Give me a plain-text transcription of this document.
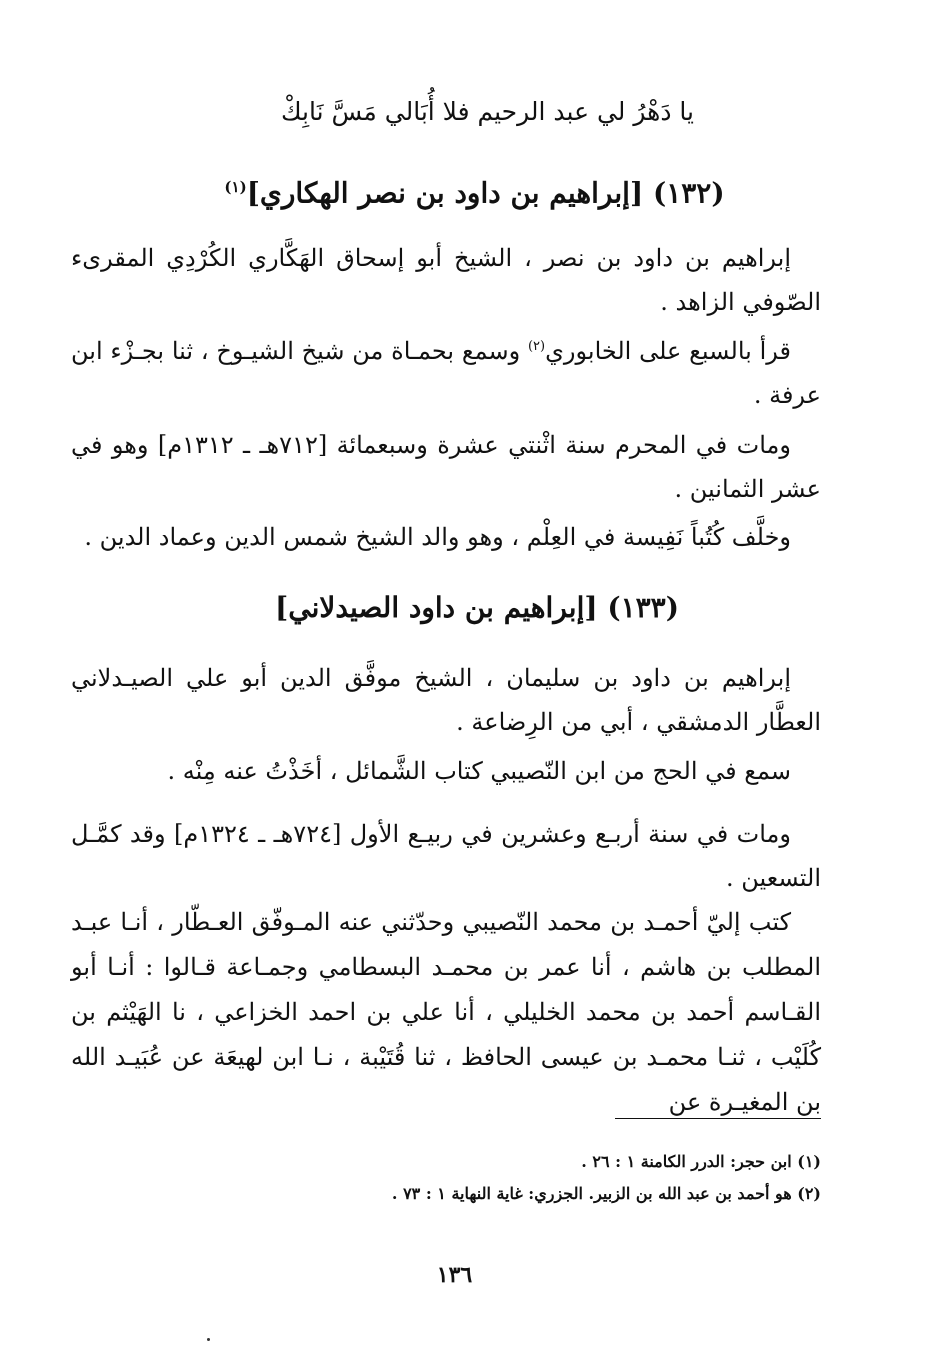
يا دَهْرُ لي عبد الرحيم فلا أُبَالي مَسَّ نَابِكْ
(١٣٢) [إبراهيم بن داود بن نصر الهكاري]$^{(١)}$
إبراهيم بن داود بن نصر ، الشيخ أبو إسحاق الهَكَّاري الكُرْدِي المقرىء الصّوفي الزاهد .
قرأ بالسبع على الخابوري$^{(٢)}$ وسمع بحمـاة من شيخ الشيـوخ ، ثنا بجـزْء ابن عرفة .
ومات في المحرم سنة اثْنتي عشرة وسبعمائة [٧١٢هـ ـ ١٣١٢م] وهو في عشر الثمانين .
وخلَّف كُتُباً نَفِيسة في العِلْم ، وهو والد الشيخ شمس الدين وعماد الدين .
(١٣٣) [إبراهيم بن داود الصيدلاني]
إبراهيم بن داود بن سليمان ، الشيخ موفَّق الدين أبو علي الصيـدلاني العطَّار الدمشقي ، أبي من الرِضاعة .
سمع في الحج من ابن النّصيبي كتاب الشَّمائل ، أخَذْتُ عنه مِنْه .
ومات في سنة أربـع وعشرين في ربيـع الأول [٧٢٤هـ ـ ١٣٢٤م] وقد كمَّـل التسعين .
كتب إليّ أحمـد بن محمد النّصيبي وحدّثني عنه المـوفّق العـطّار ، أنـا عبـد المطلب بن هاشم ، أنا عمر بن محمـد البسطامي وجمـاعة قـالوا : أنـا أبو القـاسم أحمد بن محمد الخليلي ، أنا علي بن احمد الخزاعي ، نا الهَيْثم بن كُلَيْب ، ثنـا محمـد بن عيسى الحافظ ، ثنا قُتَيْبة ، نـا ابن لهيعَة عن عُبَيـد الله بن المغيـرة عن
(١) ابن حجر: الدرر الكامنة ١ : ٢٦ .
(٢) هو أحمد بن عبد الله بن الزبير. الجزري: غاية النهاية ١ : ٧٣ .
١٣٦
